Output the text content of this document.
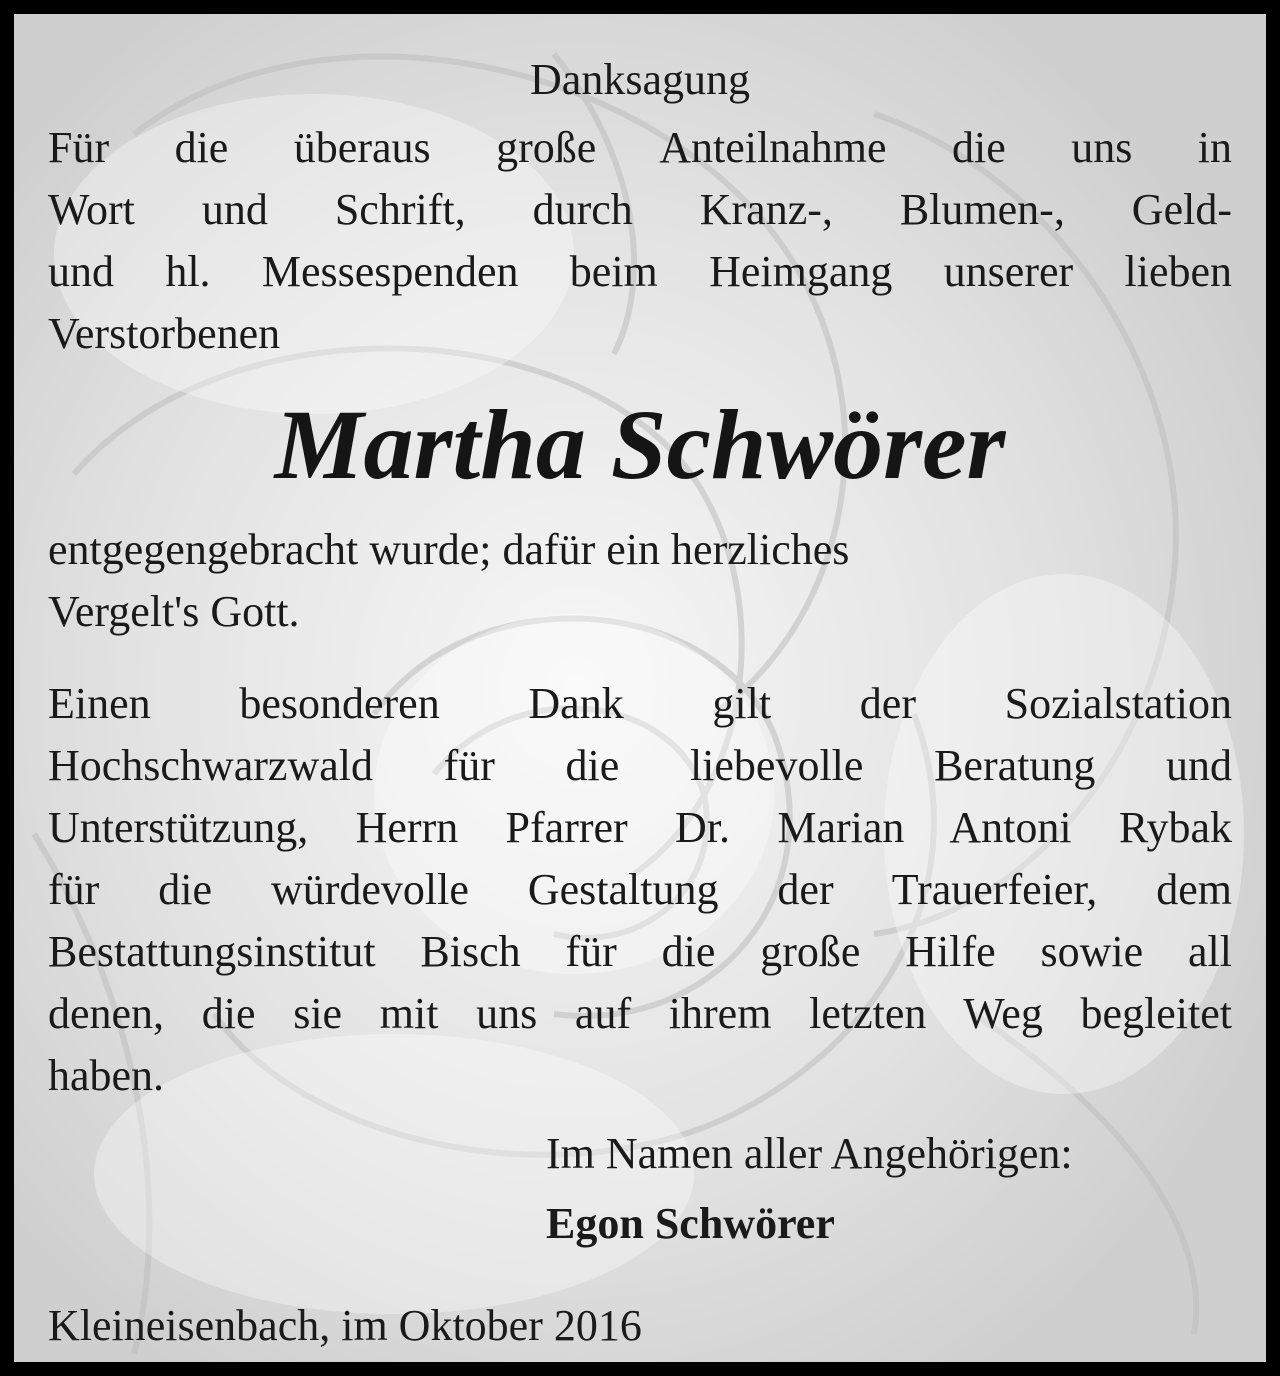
Danksagung
Für die überaus große Anteilnahme die uns in
Wort und Schrift, durch Kranz-, Blumen-, Geld-
und hl. Messespenden beim Heimgang unserer lieben
Verstorbenen
Martha Schwörer
entgegengebracht wurde; dafür ein herzliches
Vergelt's Gott.
Einen besonderen Dank gilt der Sozialstation
Hochschwarzwald für die liebevolle Beratung und
Unterstützung, Herrn Pfarrer Dr. Marian Antoni Rybak
für die würdevolle Gestaltung der Trauerfeier, dem
Bestattungsinstitut Bisch für die große Hilfe sowie all
denen, die sie mit uns auf ihrem letzten Weg begleitet
haben.
Im Namen aller Angehörigen:
Egon Schwörer
Kleineisenbach, im Oktober 2016
